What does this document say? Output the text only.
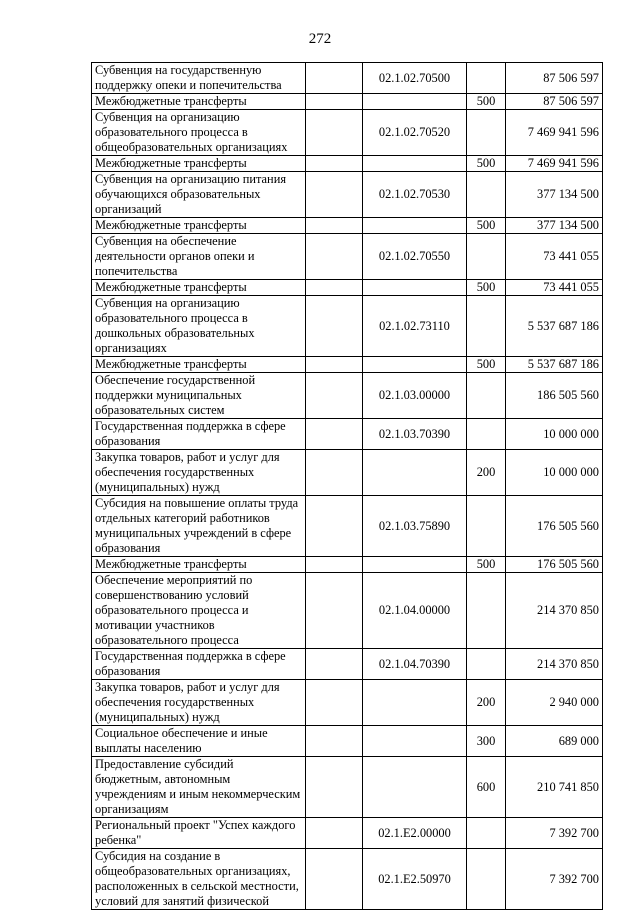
272
Субвенция на государственную поддержку опеки и попечительства		02.1.02.70500		87 506 597
Межбюджетные трансферты			500	87 506 597
Субвенция на организацию образовательного процесса в общеобразовательных организациях		02.1.02.70520		7 469 941 596
Межбюджетные трансферты			500	7 469 941 596
Субвенция на организацию питания обучающихся образовательных организаций		02.1.02.70530		377 134 500
Межбюджетные трансферты			500	377 134 500
Субвенция на обеспечение деятельности органов опеки и попечительства		02.1.02.70550		73 441 055
Межбюджетные трансферты			500	73 441 055
Субвенция на организацию образовательного процесса в дошкольных образовательных организациях		02.1.02.73110		5 537 687 186
Межбюджетные трансферты			500	5 537 687 186
Обеспечение государственной поддержки муниципальных образовательных систем		02.1.03.00000		186 505 560
Государственная поддержка в сфере образования		02.1.03.70390		10 000 000
Закупка товаров, работ и услуг для обеспечения государственных (муниципальных) нужд			200	10 000 000
Субсидия на повышение оплаты труда отдельных категорий работников муниципальных учреждений в сфере образования		02.1.03.75890		176 505 560
Межбюджетные трансферты			500	176 505 560
Обеспечение мероприятий по совершенствованию условий образовательного процесса и мотивации участников образовательного процесса		02.1.04.00000		214 370 850
Государственная поддержка в сфере образования		02.1.04.70390		214 370 850
Закупка товаров, работ и услуг для обеспечения государственных (муниципальных) нужд			200	2 940 000
Социальное обеспечение и иные выплаты населению			300	689 000
Предоставление субсидий бюджетным, автономным учреждениям и иным некоммерческим организациям			600	210 741 850
Региональный проект "Успех каждого ребенка"		02.1.E2.00000		7 392 700
Субсидия на создание в общеобразовательных организациях, расположенных в сельской местности, условий для занятий физической		02.1.E2.50970		7 392 700
